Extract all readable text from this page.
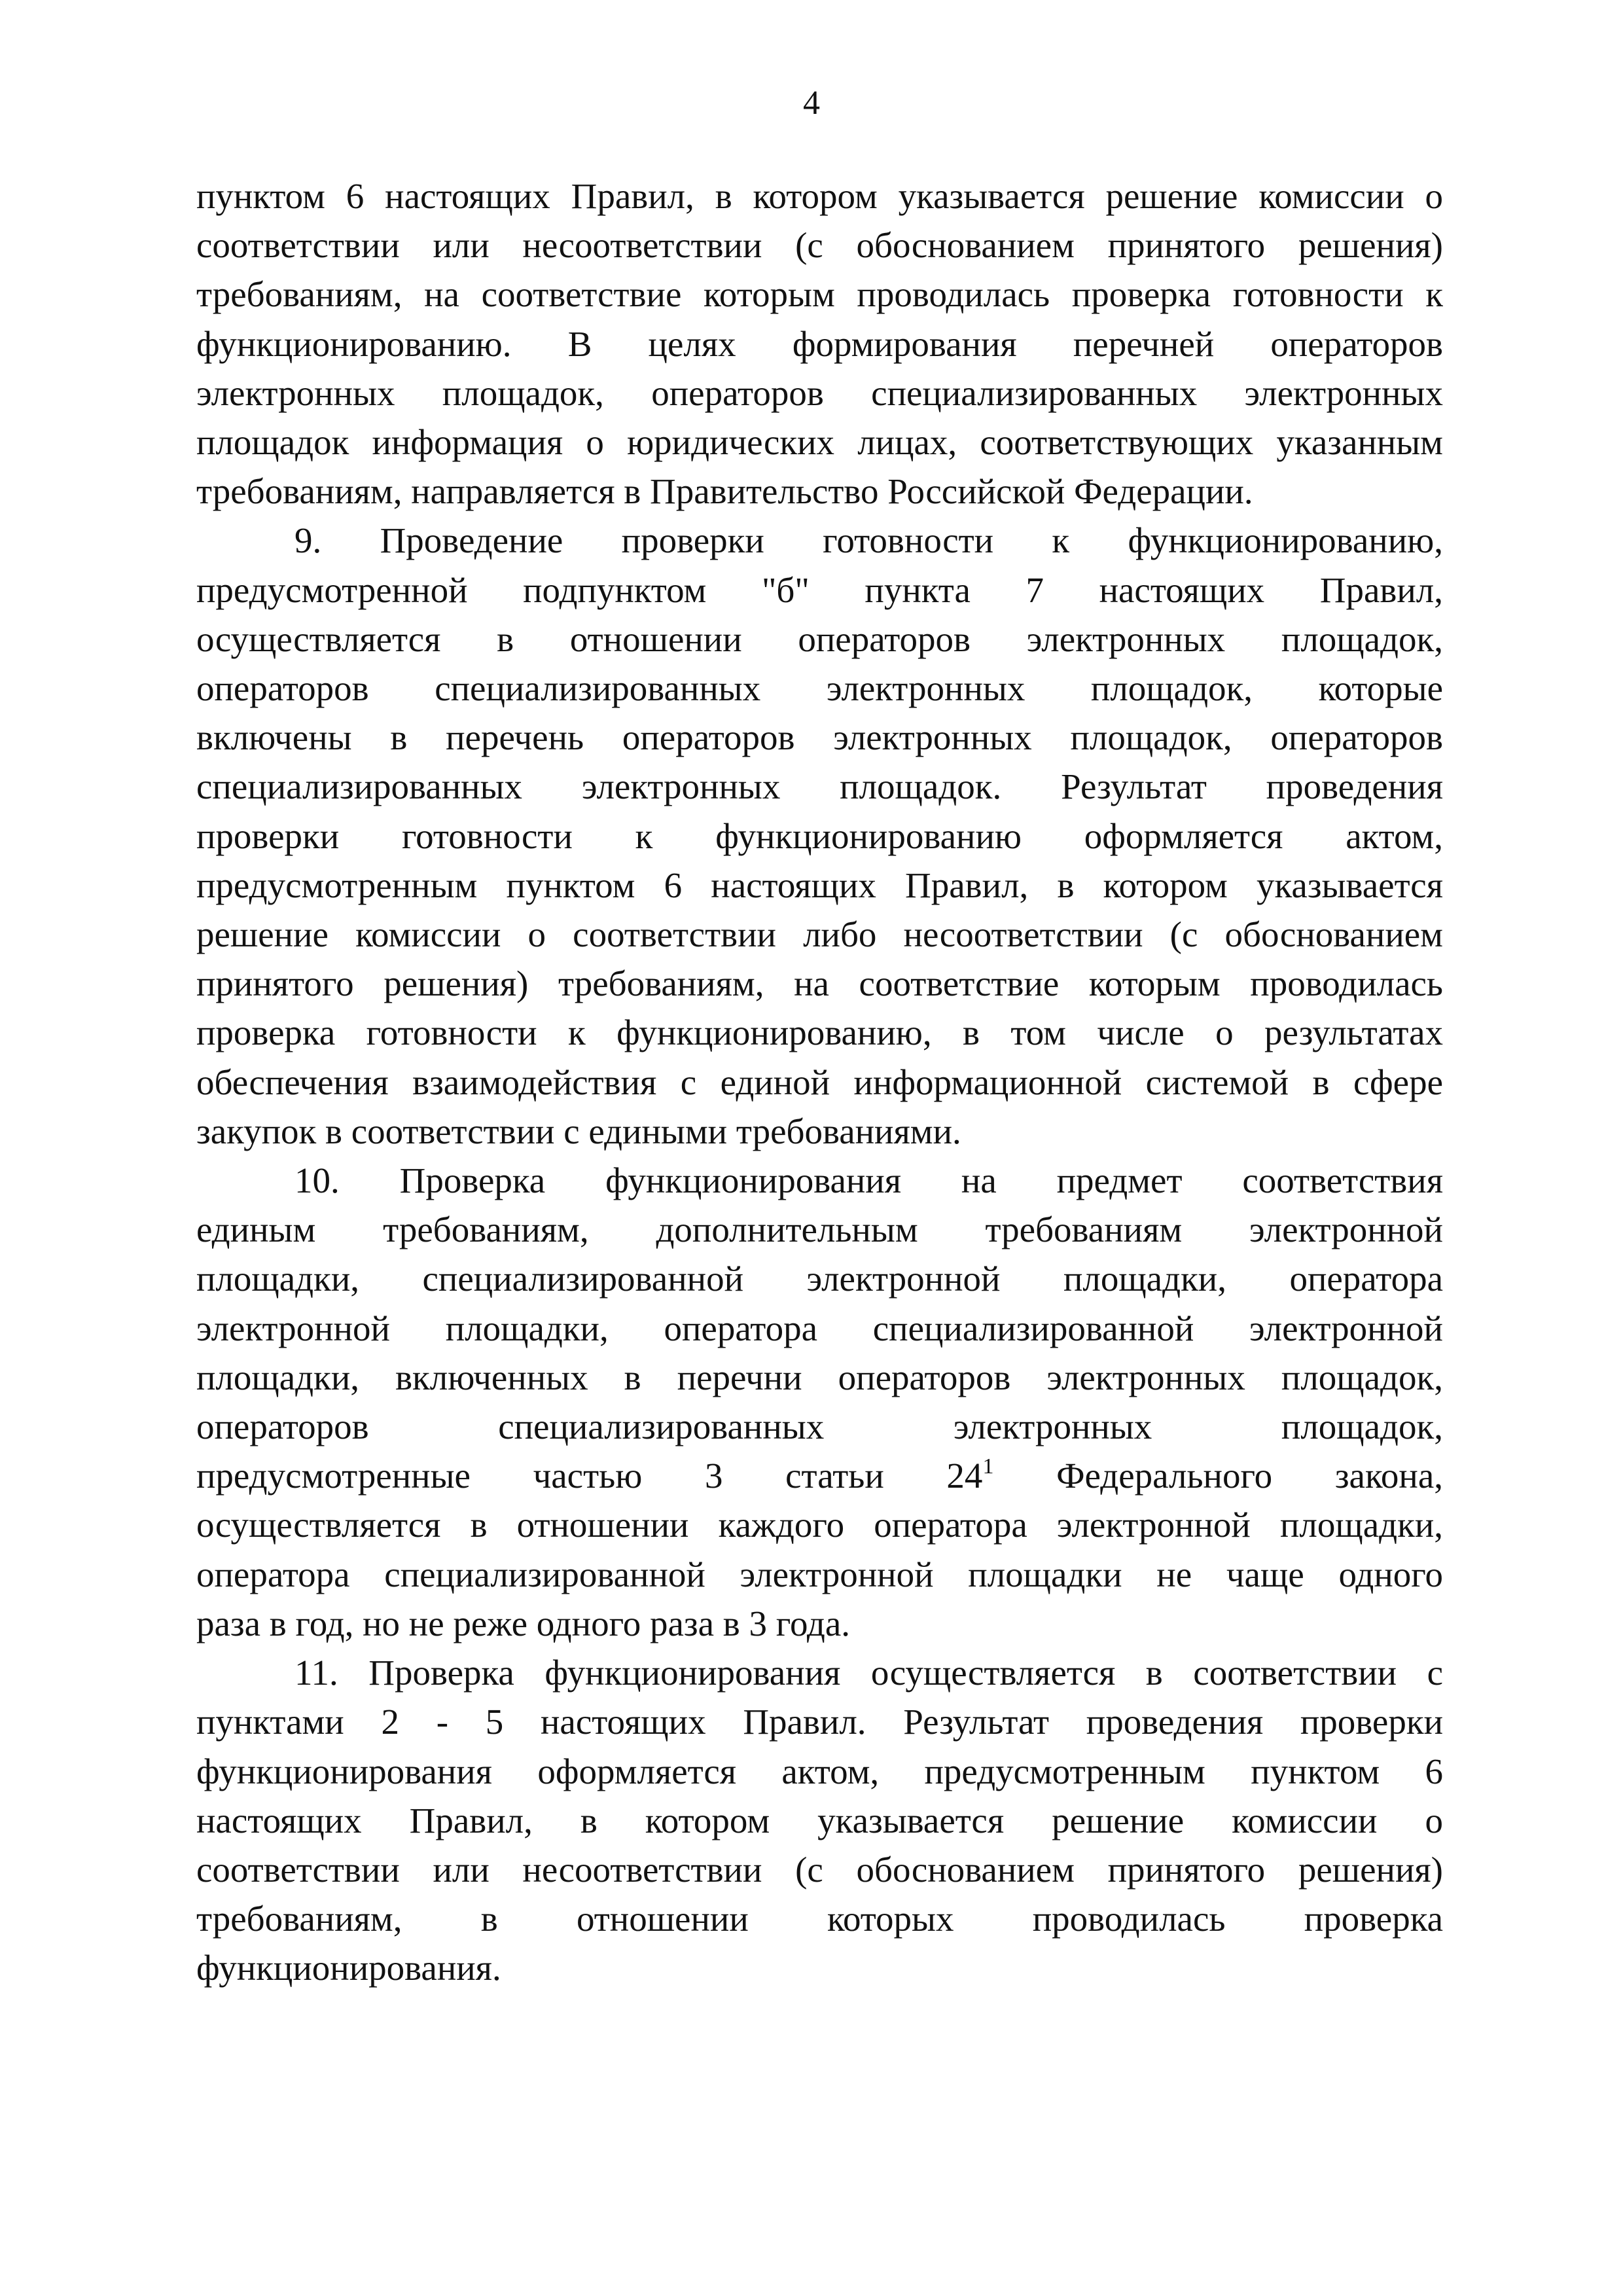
4

пунктом 6 настоящих Правил, в котором указывается решение комиссии о
соответствии или несоответствии (с обоснованием принятого решения)
требованиям, на соответствие которым проводилась проверка готовности к
функционированию. В целях формирования перечней операторов
электронных площадок, операторов специализированных электронных
площадок информация о юридических лицах, соответствующих указанным
требованиям, направляется в Правительство Российской Федерации.

9. Проведение проверки готовности к функционированию,
предусмотренной подпунктом "б" пункта 7 настоящих Правил,
осуществляется в отношении операторов электронных площадок,
операторов специализированных электронных площадок, которые
включены в перечень операторов электронных площадок, операторов
специализированных электронных площадок. Результат проведения
проверки готовности к функционированию оформляется актом,
предусмотренным пунктом 6 настоящих Правил, в котором указывается
решение комиссии о соответствии либо несоответствии (с обоснованием
принятого решения) требованиям, на соответствие которым проводилась
проверка готовности к функционированию, в том числе о результатах
обеспечения взаимодействия с единой информационной системой в сфере
закупок в соответствии с едиными требованиями.

10. Проверка функционирования на предмет соответствия
единым требованиям, дополнительным требованиям электронной
площадки, специализированной электронной площадки, оператора
электронной площадки, оператора специализированной электронной
площадки, включенных в перечни операторов электронных площадок,
операторов специализированных электронных площадок,
предусмотренные частью 3 статьи $24^1$ Федерального закона,
осуществляется в отношении каждого оператора электронной площадки,
оператора специализированной электронной площадки не чаще одного
раза в год, но не реже одного раза в 3 года.

11. Проверка функционирования осуществляется в соответствии с
пунктами 2 - 5 настоящих Правил. Результат проведения проверки
функционирования оформляется актом, предусмотренным пунктом 6
настоящих Правил, в котором указывается решение комиссии о
соответствии или несоответствии (с обоснованием принятого решения)
требованиям, в отношении которых проводилась проверка
функционирования.
